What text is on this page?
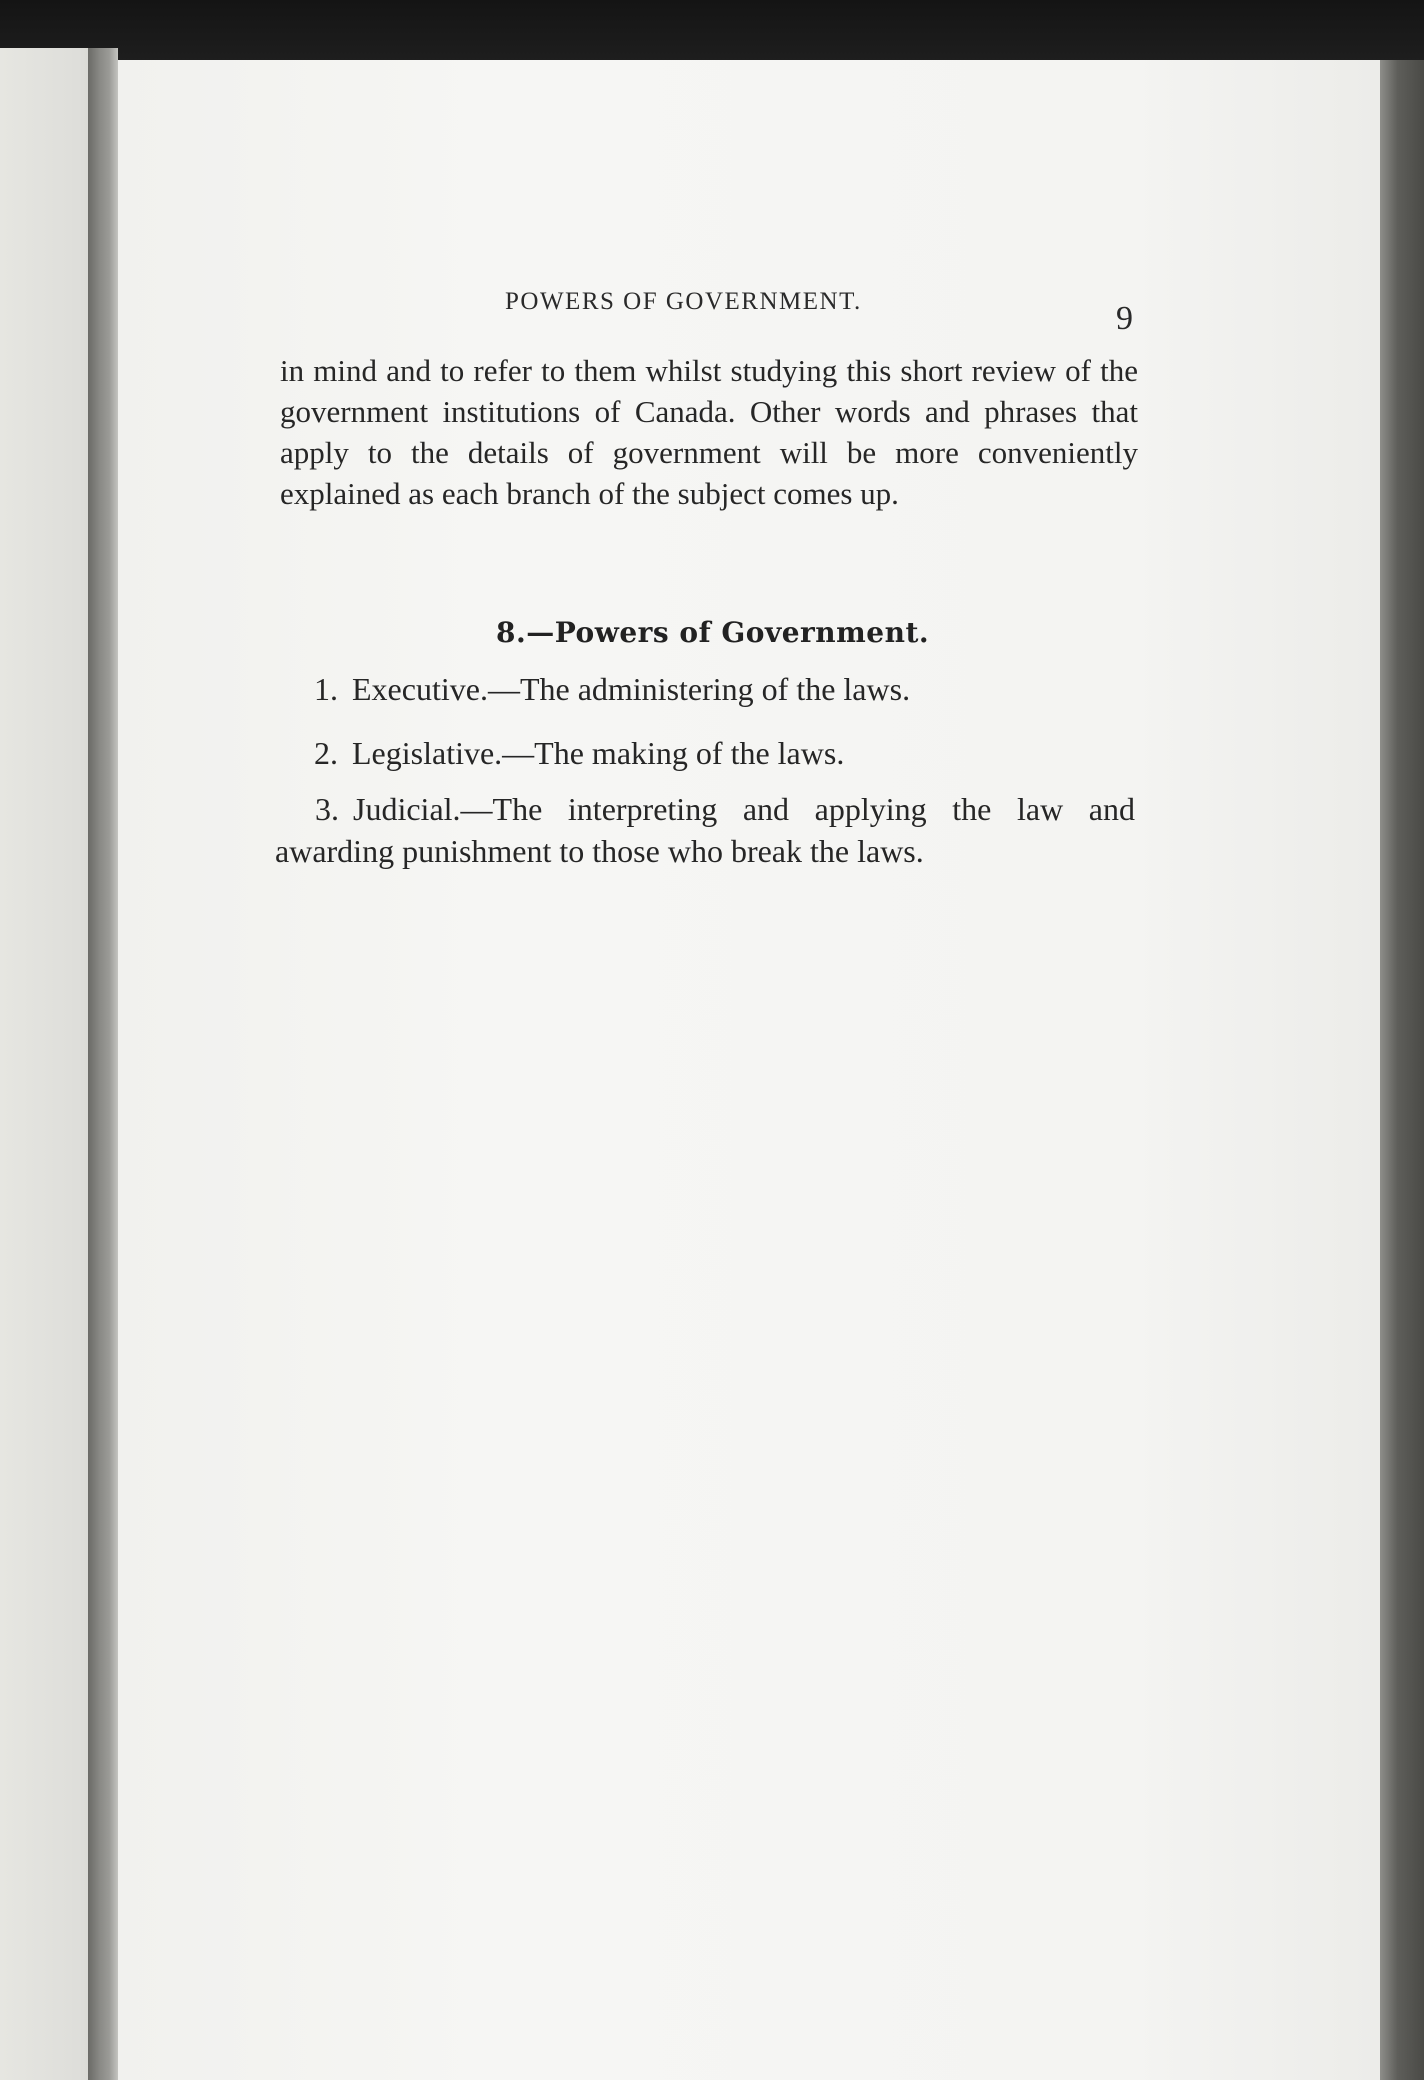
POWERS OF GOVERNMENT.	9
in mind and to refer to them whilst studying this short review of the government institutions of Canada. Other words and phrases that apply to the details of government will be more conveniently explained as each branch of the subject comes up.
8.—Powers of Government.
1. Executive.—The administering of the laws.
2. Legislative.—The making of the laws.
3. Judicial.—The interpreting and applying the law and awarding punishment to those who break the laws.
